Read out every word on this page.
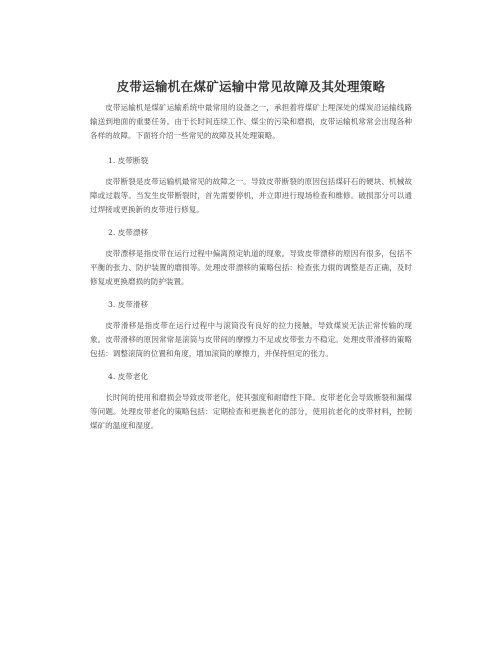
皮带运输机在煤矿运输中常见故障及其处理策略

皮带运输机是煤矿运输系统中最常用的设备之一，承担着将煤矿上埋深处的煤炭沿运输线路输送到地面的重要任务。由于长时间连续工作、煤尘的污染和磨损，皮带运输机常常会出现各种各样的故障。下面将介绍一些常见的故障及其处理策略。

1. 皮带断裂

皮带断裂是皮带运输机最常见的故障之一。导致皮带断裂的原因包括煤矸石的硬块、机械故障或过载等。当发生皮带断裂时，首先需要停机，并立即进行现场检查和维修。破损部分可以通过焊接或更换新的皮带进行修复。

2. 皮带漂移

皮带漂移是指皮带在运行过程中偏离预定轨道的现象。导致皮带漂移的原因有很多，包括不平衡的张力、防护装置的磨损等。处理皮带漂移的策略包括：检查张力辊的调整是否正确，及时修复或更换磨损的防护装置。

3. 皮带滑移

皮带滑移是指皮带在运行过程中与滚筒没有良好的拉力接触，导致煤炭无法正常传输的现象。皮带滑移的原因常常是滚筒与皮带间的摩擦力不足或皮带张力不稳定。处理皮带滑移的策略包括：调整滚筒的位置和角度，增加滚筒的摩擦力，并保持恒定的张力。

4. 皮带老化

长时间的使用和磨损会导致皮带老化，使其强度和耐磨性下降。皮带老化会导致断裂和漏煤等问题。处理皮带老化的策略包括：定期检查和更换老化的部分，使用抗老化的皮带材料，控制煤矿的温度和湿度。
